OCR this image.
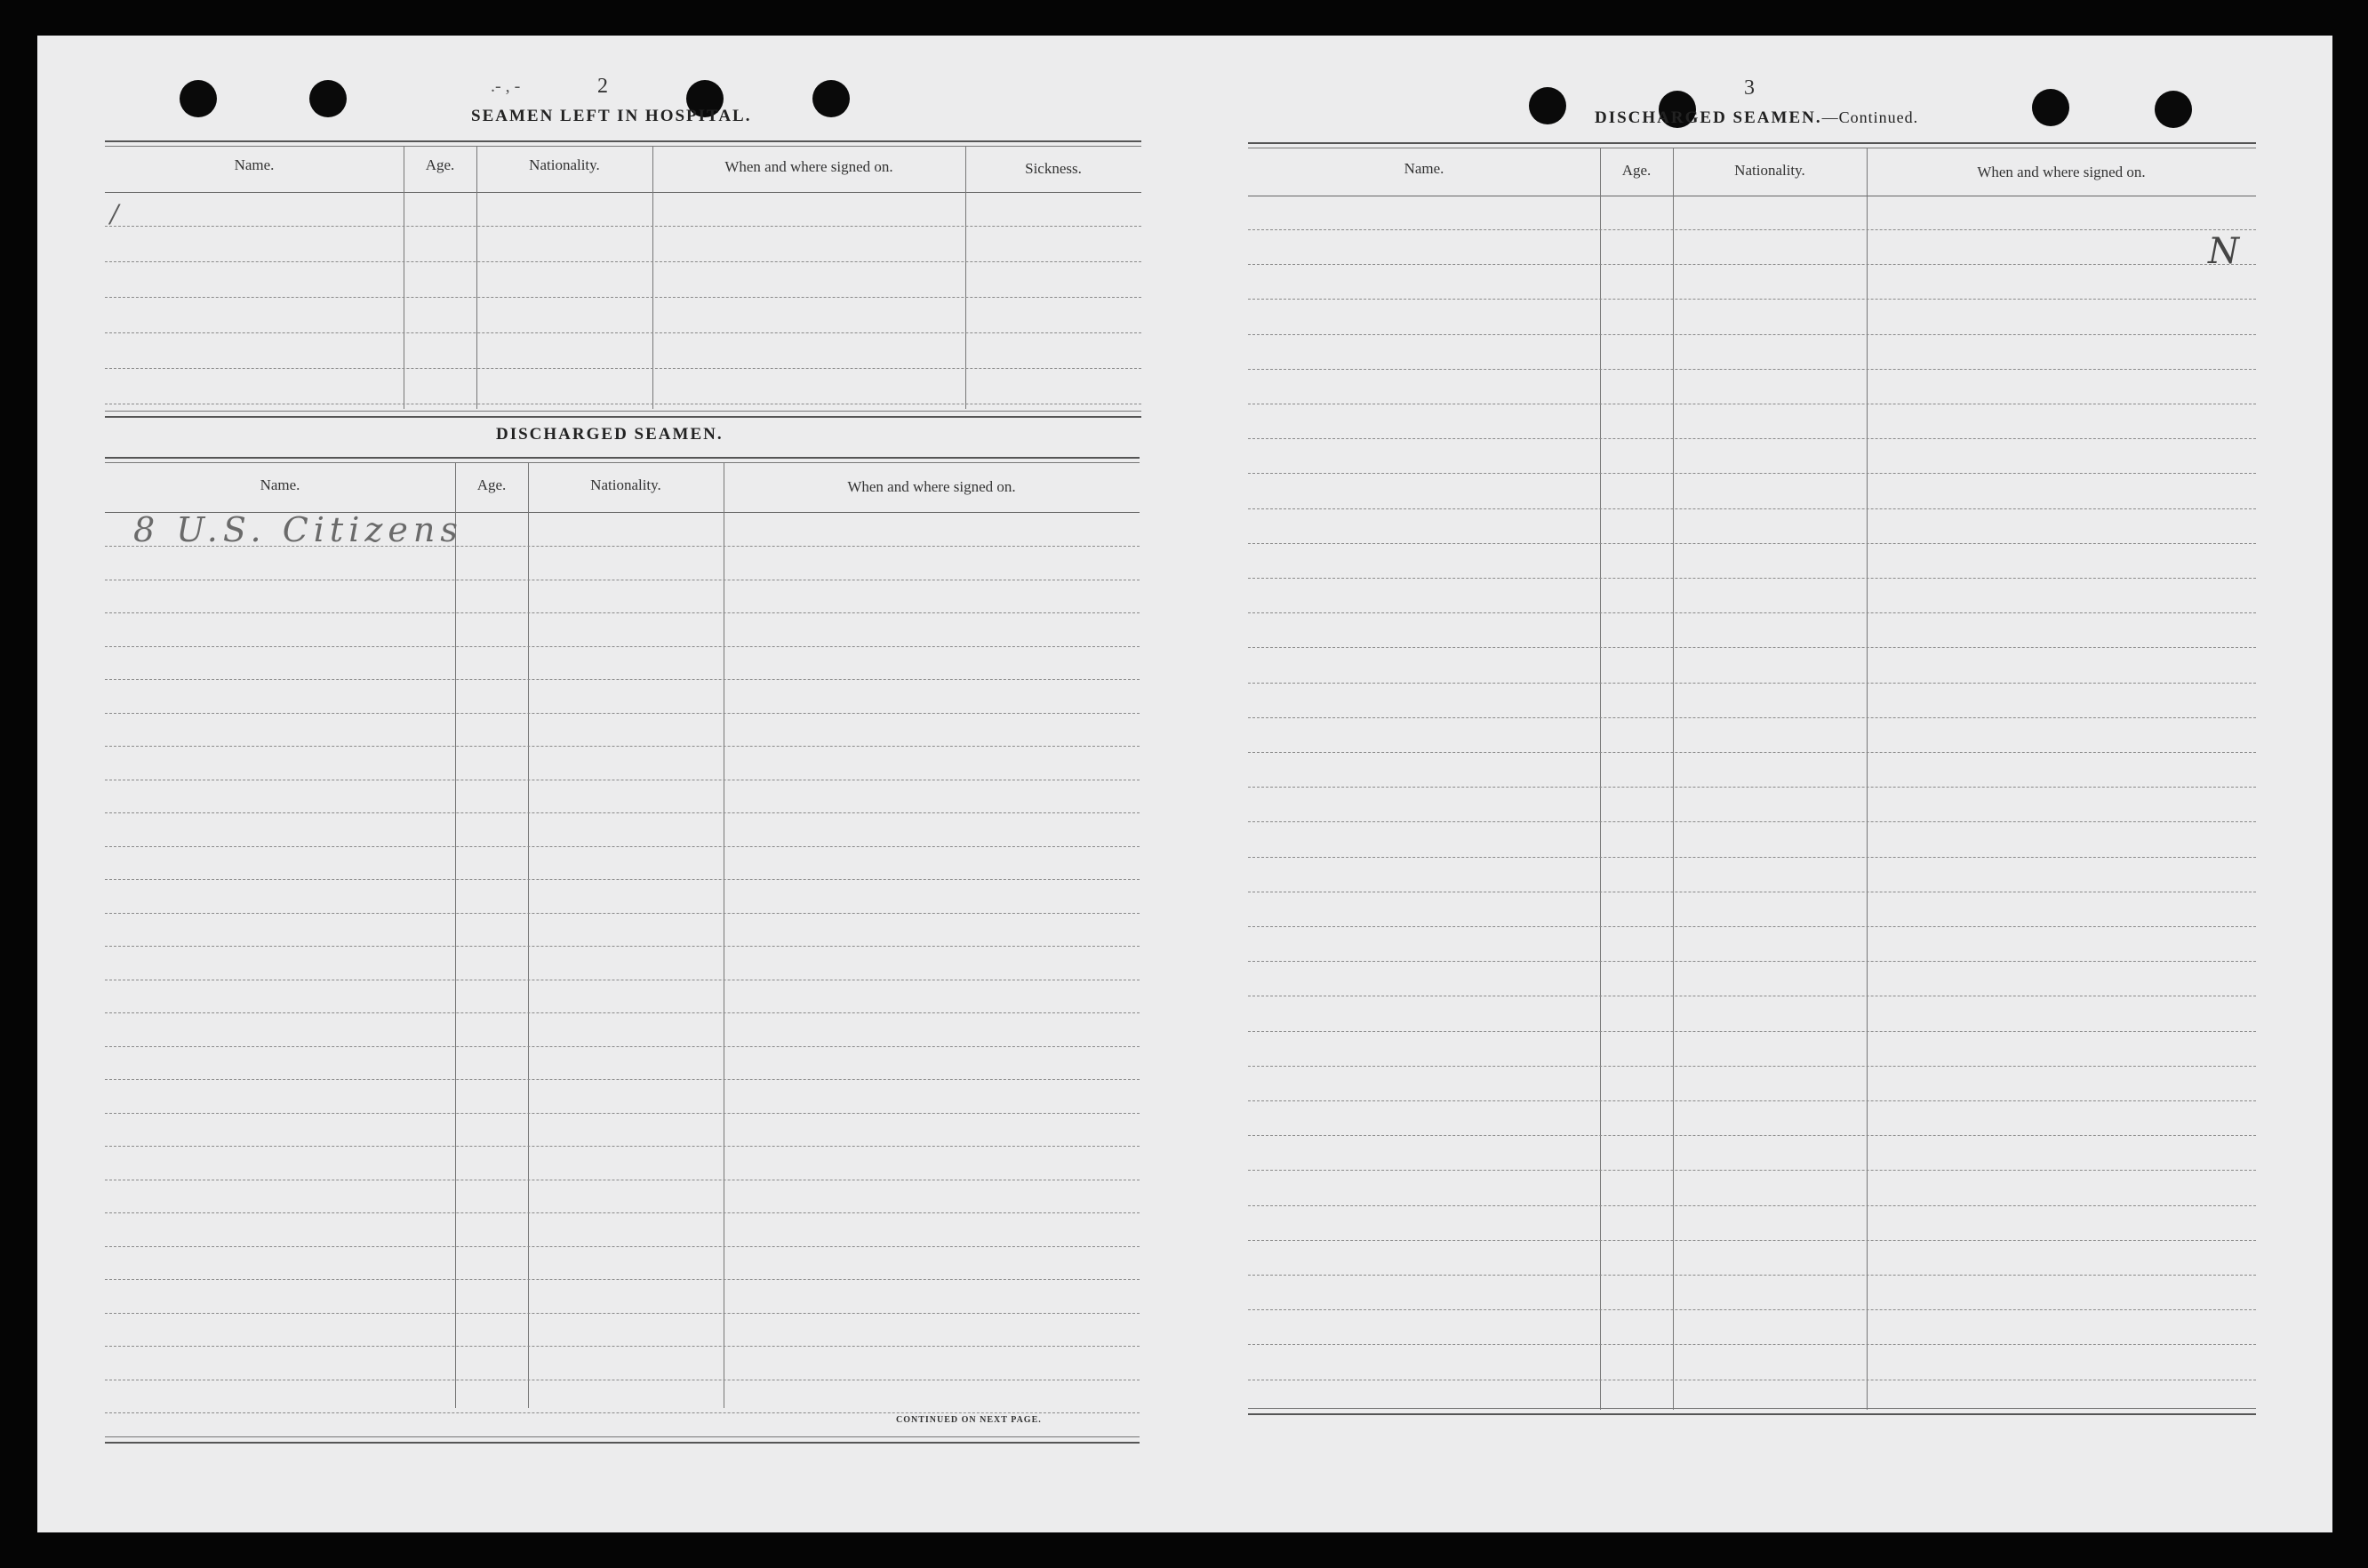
.- , -	2
SEAMEN LEFT IN HOSPITAL.
Name.	Age.	Nationality.	When and where signed on.	Sickness.
/
DISCHARGED SEAMEN.
Name.	Age.	Nationality.	When and where signed on.
8 U.S. Citizens
CONTINUED ON NEXT PAGE.
3
DISCHARGED SEAMEN.—Continued.
Name.	Age.	Nationality.	When and where signed on.
N
